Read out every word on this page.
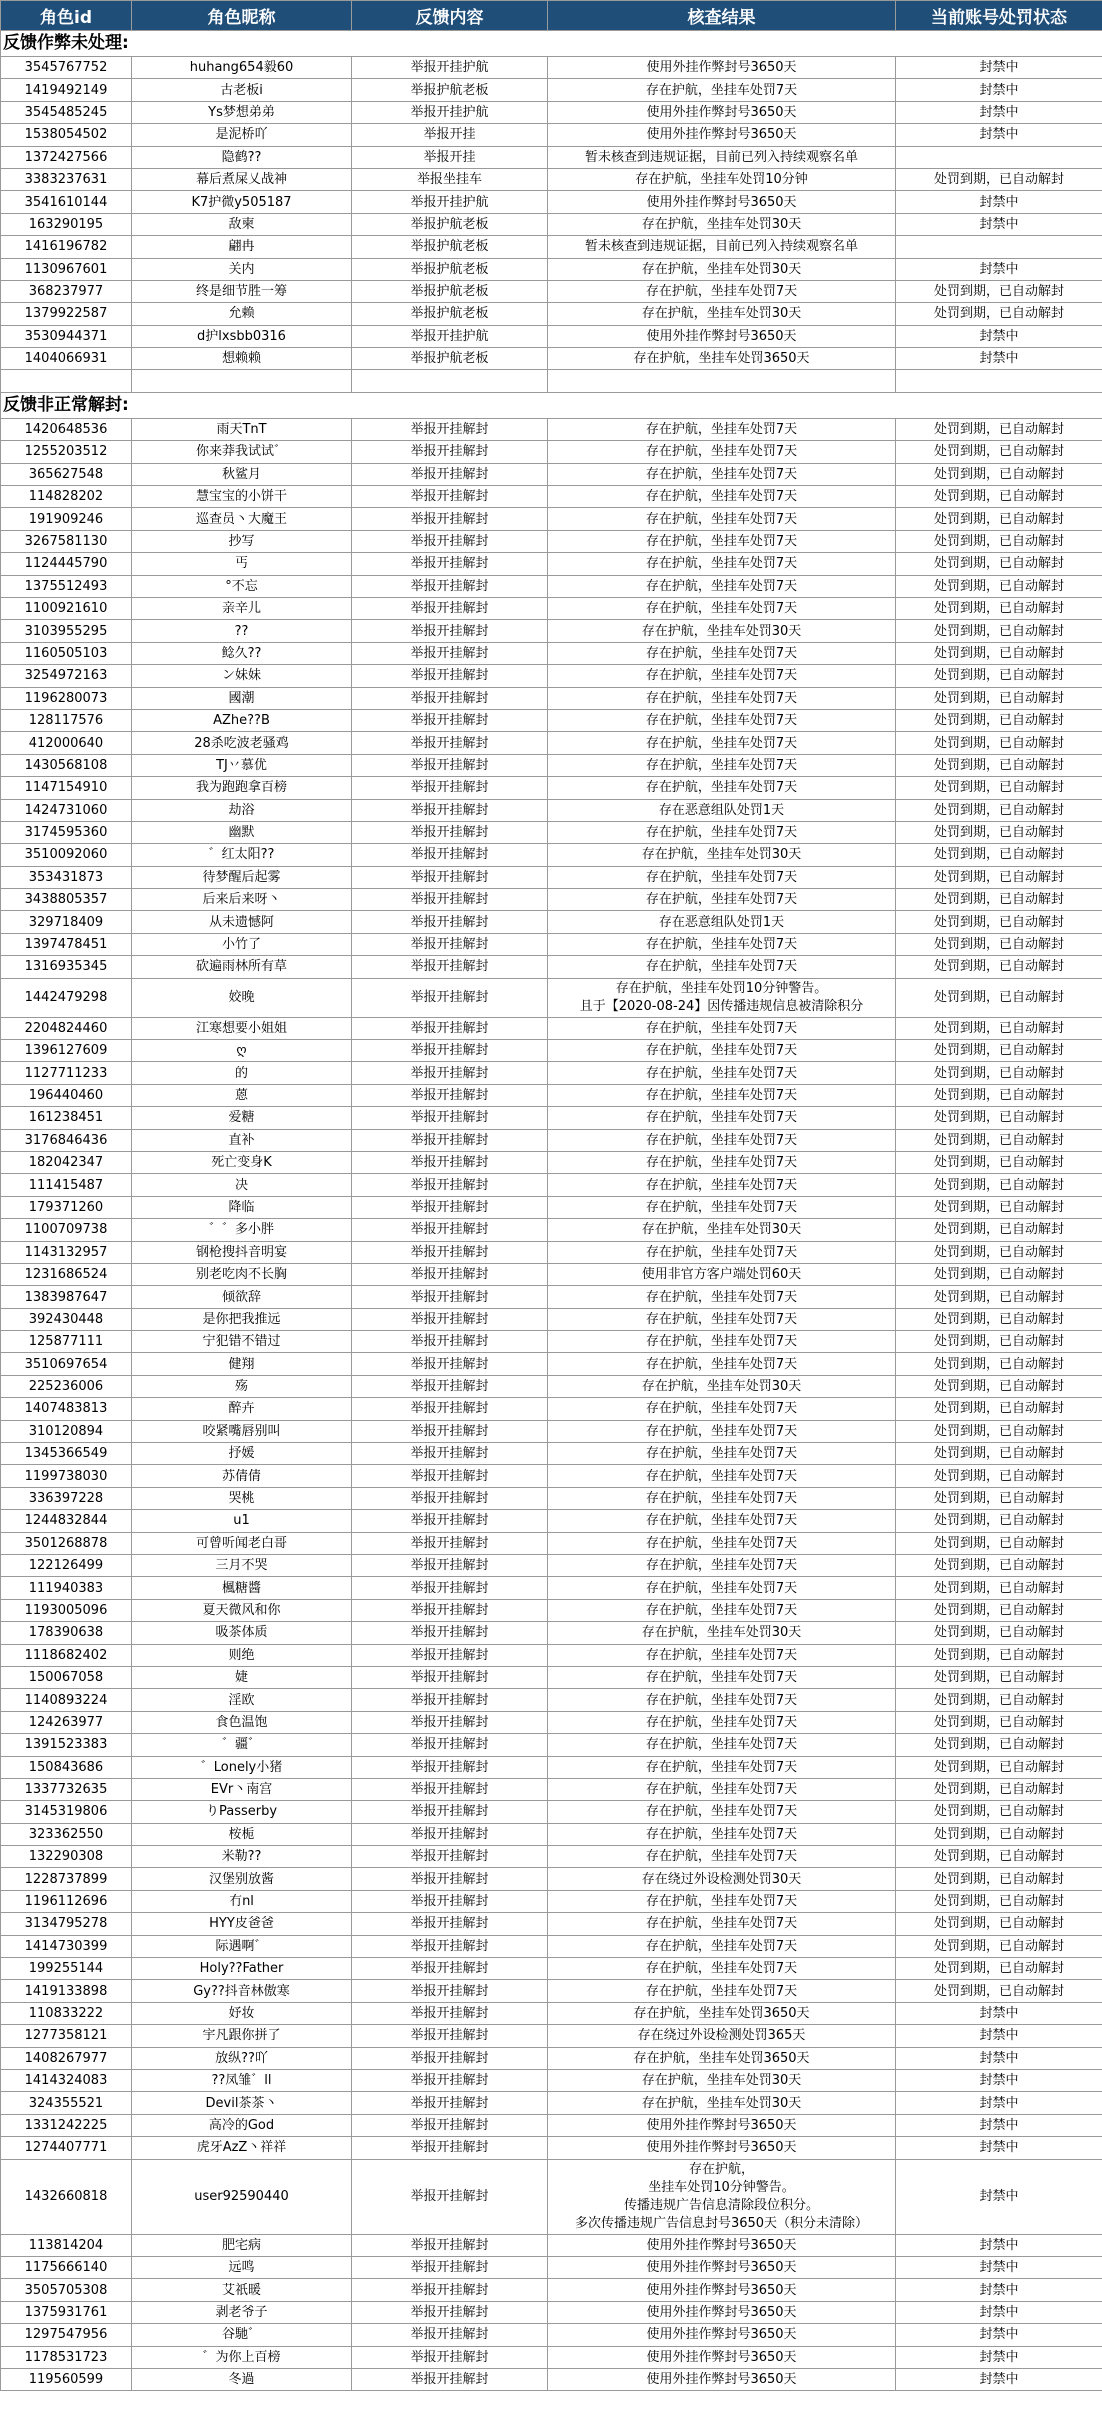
角色id	角色昵称	反馈内容	核查结果	当前账号处罚状态
反馈作弊未处理:				
3545767752	huhang654毅60	举报开挂护航	使用外挂作弊封号3650天	封禁中
1419492149	古老板i	举报护航老板	存在护航，坐挂车处罚7天	封禁中
3545485245	Ys梦想弟弟	举报开挂护航	使用外挂作弊封号3650天	封禁中
1538054502	是泥桥吖	举报开挂	使用外挂作弊封号3650天	封禁中
1372427566	隐鹤??	举报开挂	暂未核查到违规证据，目前已列入持续观察名单	
3383237631	幕后煮屎乂战神	举报坐挂车	存在护航，坐挂车处罚10分钟	处罚到期，已自动解封
3541610144	K7护微y505187	举报开挂护航	使用外挂作弊封号3650天	封禁中
163290195	敌柬	举报护航老板	存在护航，坐挂车处罚30天	封禁中
1416196782	翩冉	举报护航老板	暂未核查到违规证据，目前已列入持续观察名单	
1130967601	关内	举报护航老板	存在护航，坐挂车处罚30天	封禁中
368237977	终是细节胜一筹	举报护航老板	存在护航，坐挂车处罚7天	处罚到期，已自动解封
1379922587	允赖	举报护航老板	存在护航，坐挂车处罚30天	处罚到期，已自动解封
3530944371	d护lxsbb0316	举报开挂护航	使用外挂作弊封号3650天	封禁中
1404066931	想赖赖	举报护航老板	存在护航，坐挂车处罚3650天	封禁中

反馈非正常解封:				
1420648536	雨天TnT	举报开挂解封	存在护航，坐挂车处罚7天	处罚到期，已自动解封
1255203512	你来莽我试试゛	举报开挂解封	存在护航，坐挂车处罚7天	处罚到期，已自动解封
365627548	秋鲨月	举报开挂解封	存在护航，坐挂车处罚7天	处罚到期，已自动解封
114828202	慧宝宝的小饼干	举报开挂解封	存在护航，坐挂车处罚7天	处罚到期，已自动解封
191909246	巡查员丶大魔王	举报开挂解封	存在护航，坐挂车处罚7天	处罚到期，已自动解封
3267581130	抄写	举报开挂解封	存在护航，坐挂车处罚7天	处罚到期，已自动解封
1124445790	丐	举报开挂解封	存在护航，坐挂车处罚7天	处罚到期，已自动解封
1375512493	°不忘	举报开挂解封	存在护航，坐挂车处罚7天	处罚到期，已自动解封
1100921610	亲辛儿	举报开挂解封	存在护航，坐挂车处罚7天	处罚到期，已自动解封
3103955295	??	举报开挂解封	存在护航，坐挂车处罚30天	处罚到期，已自动解封
1160505103	鲶久??	举报开挂解封	存在护航，坐挂车处罚7天	处罚到期，已自动解封
3254972163	ン妹妹	举报开挂解封	存在护航，坐挂车处罚7天	处罚到期，已自动解封
1196280073	國潮	举报开挂解封	存在护航，坐挂车处罚7天	处罚到期，已自动解封
128117576	AZhe??B	举报开挂解封	存在护航，坐挂车处罚7天	处罚到期，已自动解封
412000640	28杀吃波老骚鸡	举报开挂解封	存在护航，坐挂车处罚7天	处罚到期，已自动解封
1430568108	TJ丷慕优	举报开挂解封	存在护航，坐挂车处罚7天	处罚到期，已自动解封
1147154910	我为跑跑拿百榜	举报开挂解封	存在护航，坐挂车处罚7天	处罚到期，已自动解封
1424731060	劫浴	举报开挂解封	存在恶意组队处罚1天	处罚到期，已自动解封
3174595360	幽默	举报开挂解封	存在护航，坐挂车处罚7天	处罚到期，已自动解封
3510092060	゛红太阳??	举报开挂解封	存在护航，坐挂车处罚30天	处罚到期，已自动解封
353431873	待梦醒后起雾	举报开挂解封	存在护航，坐挂车处罚7天	处罚到期，已自动解封
3438805357	后来后来呀丶	举报开挂解封	存在护航，坐挂车处罚7天	处罚到期，已自动解封
329718409	从未遗憾阿	举报开挂解封	存在恶意组队处罚1天	处罚到期，已自动解封
1397478451	小竹了	举报开挂解封	存在护航，坐挂车处罚7天	处罚到期，已自动解封
1316935345	砍遍雨林所有草	举报开挂解封	存在护航，坐挂车处罚7天	处罚到期，已自动解封
1442479298	姣晚	举报开挂解封	存在护航，坐挂车处罚10分钟警告。
且于【2020-08-24】因传播违规信息被清除积分	处罚到期，已自动解封
2204824460	江寒想要小姐姐	举报开挂解封	存在护航，坐挂车处罚7天	处罚到期，已自动解封
1396127609	ღ	举报开挂解封	存在护航，坐挂车处罚7天	处罚到期，已自动解封
1127711233	的	举报开挂解封	存在护航，坐挂车处罚7天	处罚到期，已自动解封
196440460	蒽	举报开挂解封	存在护航，坐挂车处罚7天	处罚到期，已自动解封
161238451	爱糖	举报开挂解封	存在护航，坐挂车处罚7天	处罚到期，已自动解封
3176846436	直补	举报开挂解封	存在护航，坐挂车处罚7天	处罚到期，已自动解封
182042347	死亡变身K	举报开挂解封	存在护航，坐挂车处罚7天	处罚到期，已自动解封
111415487	决	举报开挂解封	存在护航，坐挂车处罚7天	处罚到期，已自动解封
179371260	降临	举报开挂解封	存在护航，坐挂车处罚7天	处罚到期，已自动解封
1100709738	゛゛多小胖	举报开挂解封	存在护航，坐挂车处罚30天	处罚到期，已自动解封
1143132957	钢枪搜抖音明宴	举报开挂解封	存在护航，坐挂车处罚7天	处罚到期，已自动解封
1231686524	别老吃肉不长胸	举报开挂解封	使用非官方客户端处罚60天	处罚到期，已自动解封
1383987647	倾欲辞	举报开挂解封	存在护航，坐挂车处罚7天	处罚到期，已自动解封
392430448	是你把我推远	举报开挂解封	存在护航，坐挂车处罚7天	处罚到期，已自动解封
125877111	宁犯错不错过	举报开挂解封	存在护航，坐挂车处罚7天	处罚到期，已自动解封
3510697654	健翔	举报开挂解封	存在护航，坐挂车处罚7天	处罚到期，已自动解封
225236006	殇	举报开挂解封	存在护航，坐挂车处罚30天	处罚到期，已自动解封
1407483813	醉卉	举报开挂解封	存在护航，坐挂车处罚7天	处罚到期，已自动解封
310120894	咬紧嘴唇别叫	举报开挂解封	存在护航，坐挂车处罚7天	处罚到期，已自动解封
1345366549	抒媛	举报开挂解封	存在护航，坐挂车处罚7天	处罚到期，已自动解封
1199738030	苏倩倩	举报开挂解封	存在护航，坐挂车处罚7天	处罚到期，已自动解封
336397228	哭桃	举报开挂解封	存在护航，坐挂车处罚7天	处罚到期，已自动解封
1244832844	u1	举报开挂解封	存在护航，坐挂车处罚7天	处罚到期，已自动解封
3501268878	可曾听闻老白哥	举报开挂解封	存在护航，坐挂车处罚7天	处罚到期，已自动解封
122126499	三月不哭	举报开挂解封	存在护航，坐挂车处罚7天	处罚到期，已自动解封
111940383	楓糖醬	举报开挂解封	存在护航，坐挂车处罚7天	处罚到期，已自动解封
1193005096	夏天微风和你	举报开挂解封	存在护航，坐挂车处罚7天	处罚到期，已自动解封
178390638	吸茶体质	举报开挂解封	存在护航，坐挂车处罚30天	处罚到期，已自动解封
1118682402	则绝	举报开挂解封	存在护航，坐挂车处罚7天	处罚到期，已自动解封
150067058	婕	举报开挂解封	存在护航，坐挂车处罚7天	处罚到期，已自动解封
1140893224	淫欧	举报开挂解封	存在护航，坐挂车处罚7天	处罚到期，已自动解封
124263977	食色温饱	举报开挂解封	存在护航，坐挂车处罚7天	处罚到期，已自动解封
1391523383	゛疆゛	举报开挂解封	存在护航，坐挂车处罚7天	处罚到期，已自动解封
150843686	゛Lonely小猪	举报开挂解封	存在护航，坐挂车处罚7天	处罚到期，已自动解封
1337732635	EVr丶南宫	举报开挂解封	存在护航，坐挂车处罚7天	处罚到期，已自动解封
3145319806	りPasserby	举报开挂解封	存在护航，坐挂车处罚7天	处罚到期，已自动解封
323362550	桉栀	举报开挂解封	存在护航，坐挂车处罚7天	处罚到期，已自动解封
132290308	米勒??	举报开挂解封	存在护航，坐挂车处罚7天	处罚到期，已自动解封
1228737899	汉堡别放酱	举报开挂解封	存在绕过外设检测处罚30天	处罚到期，已自动解封
1196112696	冇nl	举报开挂解封	存在护航，坐挂车处罚7天	处罚到期，已自动解封
3134795278	HYY皮爸爸	举报开挂解封	存在护航，坐挂车处罚7天	处罚到期，已自动解封
1414730399	际遇啊゛	举报开挂解封	存在护航，坐挂车处罚7天	处罚到期，已自动解封
199255144	Holy??Father	举报开挂解封	存在护航，坐挂车处罚7天	处罚到期，已自动解封
1419133898	Gy??抖音林傲寒	举报开挂解封	存在护航，坐挂车处罚7天	处罚到期，已自动解封
110833222	妤妆	举报开挂解封	存在护航，坐挂车处罚3650天	封禁中
1277358121	宇凡跟你拼了	举报开挂解封	存在绕过外设检测处罚365天	封禁中
1408267977	放纵??吖	举报开挂解封	存在护航，坐挂车处罚3650天	封禁中
1414324083	??凤雏゛ll	举报开挂解封	存在护航，坐挂车处罚30天	封禁中
324355521	Devil茶茶丶	举报开挂解封	存在护航，坐挂车处罚30天	封禁中
1331242225	高冷的God	举报开挂解封	使用外挂作弊封号3650天	封禁中
1274407771	虎牙AzZ丶祥祥	举报开挂解封	使用外挂作弊封号3650天	封禁中
1432660818	user92590440	举报开挂解封	存在护航，
坐挂车处罚10分钟警告。
传播违规广告信息清除段位积分。
多次传播违规广告信息封号3650天（积分未清除）	封禁中
113814204	肥宅病	举报开挂解封	使用外挂作弊封号3650天	封禁中
1175666140	远鸣	举报开挂解封	使用外挂作弊封号3650天	封禁中
3505705308	艾祇暖	举报开挂解封	使用外挂作弊封号3650天	封禁中
1375931761	剥老爷子	举报开挂解封	使用外挂作弊封号3650天	封禁中
1297547956	谷馳゛	举报开挂解封	使用外挂作弊封号3650天	封禁中
1178531723	゛为你上百榜	举报开挂解封	使用外挂作弊封号3650天	封禁中
119560599	冬過	举报开挂解封	使用外挂作弊封号3650天	封禁中
